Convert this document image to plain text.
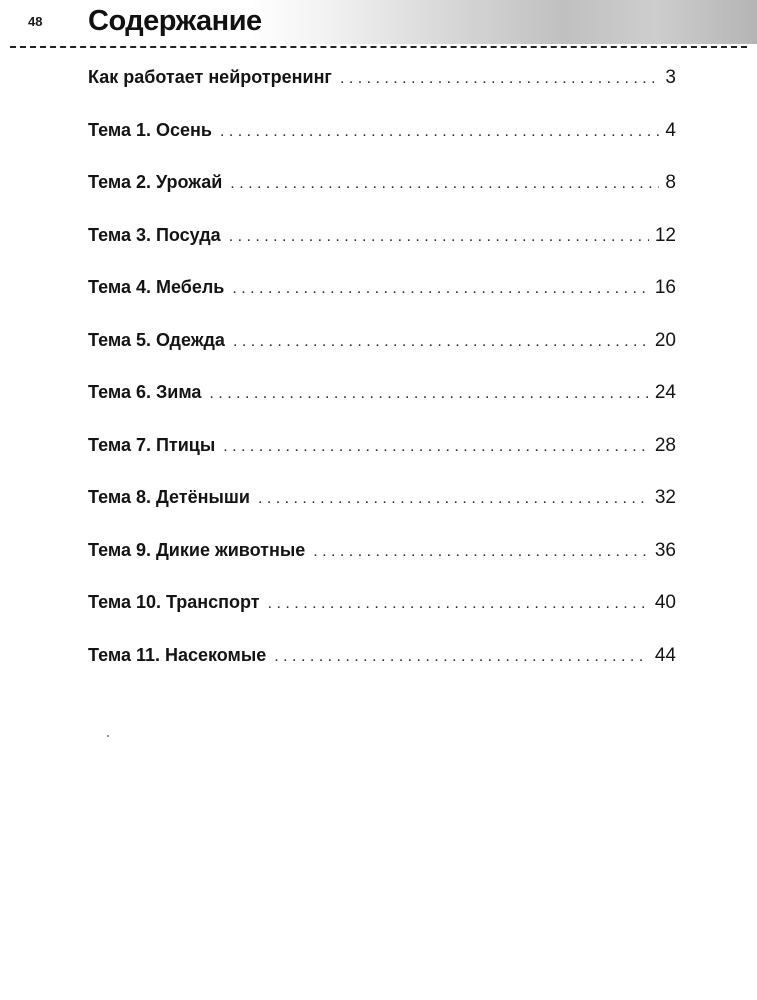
48 Содержание
Как работает нейротренинг . . .	3
Тема 1. Осень . . .	4
Тема 2. Урожай . . .	8
Тема 3. Посуда . . .	12
Тема 4. Мебель . . .	16
Тема 5. Одежда . . .	20
Тема 6. Зима . . .	24
Тема 7. Птицы . . .	28
Тема 8. Детёныши . . .	32
Тема 9. Дикие животные . . .	36
Тема 10. Транспорт . . .	40
Тема 11. Насекомые . . .	44
